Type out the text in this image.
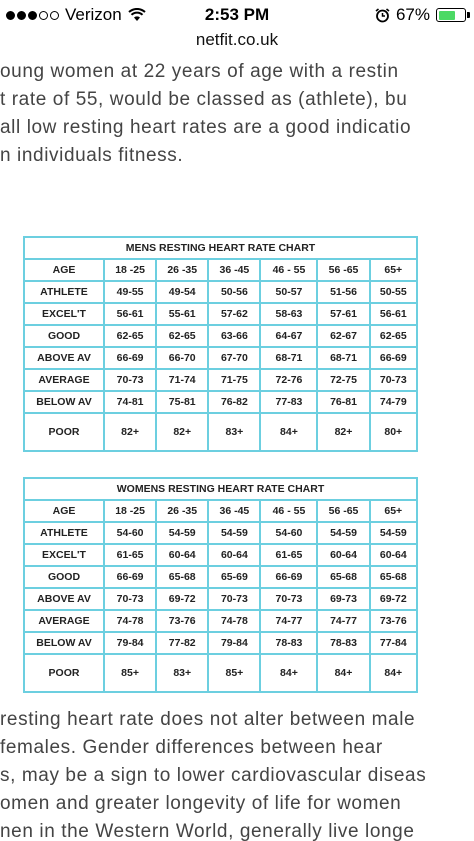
Verizon	2:53 PM	67%
netfit.co.uk
oung women at 22 years of age with a restin
t rate of 55, would be classed as (athlete), bu
all low resting heart rates are a good indicatio
n individuals fitness.
MENS RESTING HEART RATE CHART						
AGE	18 -25	26 -35	36 -45	46 - 55	56 -65	65+
ATHLETE	49-55	49-54	50-56	50-57	51-56	50-55
EXCEL'T	56-61	55-61	57-62	58-63	57-61	56-61
GOOD	62-65	62-65	63-66	64-67	62-67	62-65
ABOVE AV	66-69	66-70	67-70	68-71	68-71	66-69
AVERAGE	70-73	71-74	71-75	72-76	72-75	70-73
BELOW AV	74-81	75-81	76-82	77-83	76-81	74-79
POOR	82+	82+	83+	84+	82+	80+
WOMENS RESTING HEART RATE CHART						
AGE	18 -25	26 -35	36 -45	46 - 55	56 -65	65+
ATHLETE	54-60	54-59	54-59	54-60	54-59	54-59
EXCEL'T	61-65	60-64	60-64	61-65	60-64	60-64
GOOD	66-69	65-68	65-69	66-69	65-68	65-68
ABOVE AV	70-73	69-72	70-73	70-73	69-73	69-72
AVERAGE	74-78	73-76	74-78	74-77	74-77	73-76
BELOW AV	79-84	77-82	79-84	78-83	78-83	77-84
POOR	85+	83+	85+	84+	84+	84+
resting heart rate does not alter between male
females. Gender differences between hear
s, may be a sign to lower cardiovascular diseas
omen and greater longevity of life for women
nen in the Western World, generally live longe
